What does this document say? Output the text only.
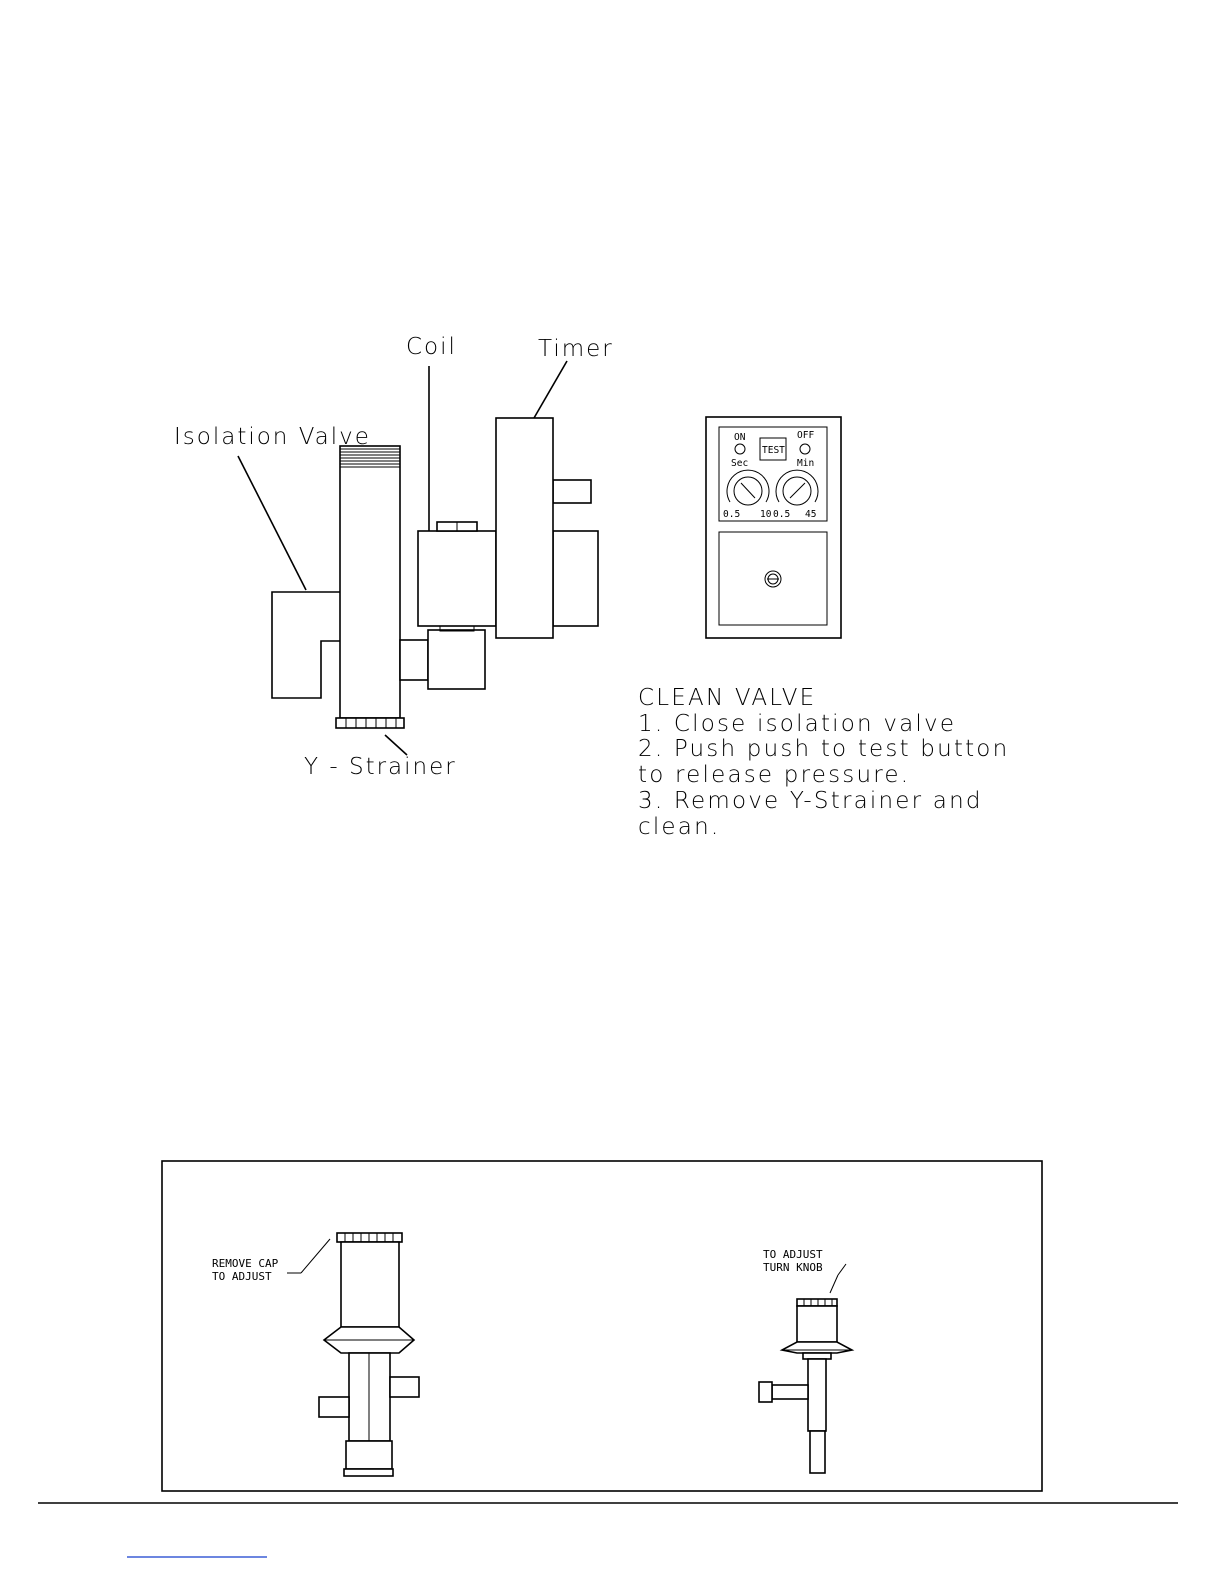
Coil	Timer
Isolation Valve
Y - Strainer
ON
Sec
TEST
OFF
Min
0.5 10 0.5 45
CLEAN VALVE
1. Close isolation valve
2. Push push to test button
to release pressure.
3. Remove Y-Strainer and
clean.
REMOVE CAP
TO ADJUST
TO ADJUST
TURN KNOB
